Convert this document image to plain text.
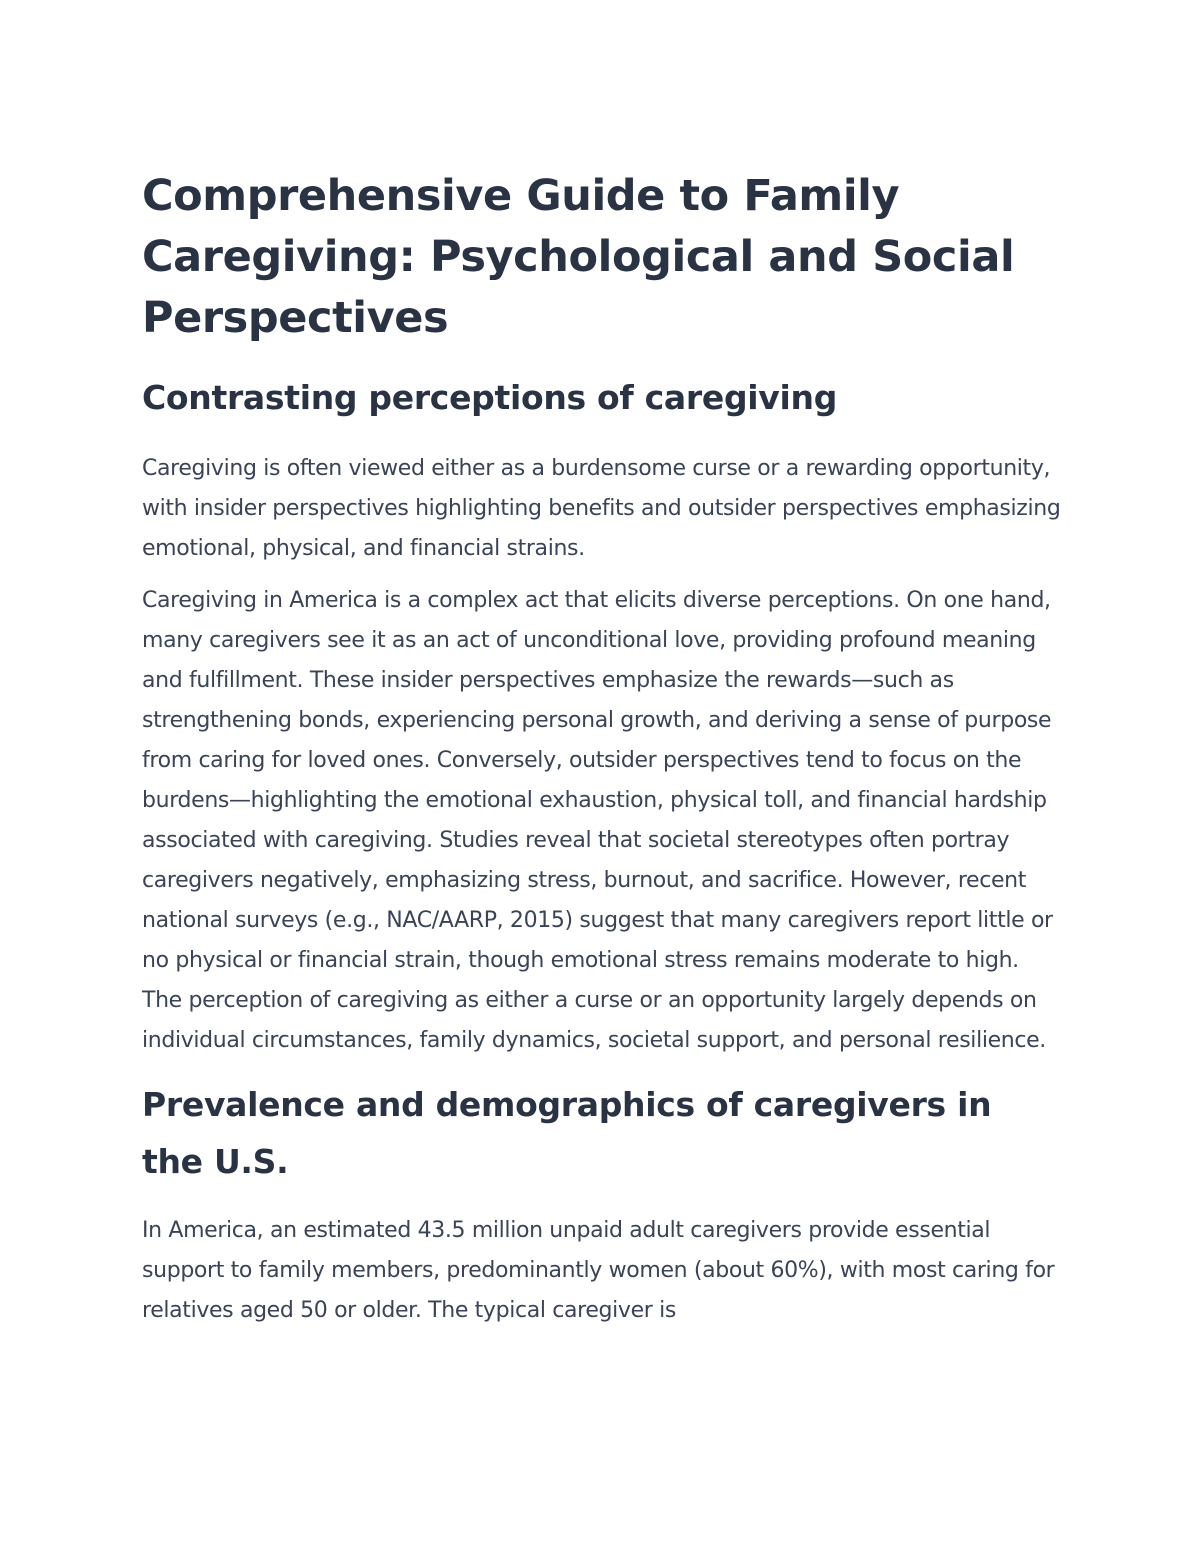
Comprehensive Guide to Family Caregiving: Psychological and Social Perspectives
Contrasting perceptions of caregiving

Caregiving is often viewed either as a burdensome curse or a rewarding opportunity, with insider perspectives highlighting benefits and outsider perspectives emphasizing emotional, physical, and financial strains.

Caregiving in America is a complex act that elicits diverse perceptions. On one hand, many caregivers see it as an act of unconditional love, providing profound meaning and fulfillment. These insider perspectives emphasize the rewards—such as strengthening bonds, experiencing personal growth, and deriving a sense of purpose from caring for loved ones. Conversely, outsider perspectives tend to focus on the burdens—highlighting the emotional exhaustion, physical toll, and financial hardship associated with caregiving. Studies reveal that societal stereotypes often portray caregivers negatively, emphasizing stress, burnout, and sacrifice. However, recent national surveys (e.g., NAC/AARP, 2015) suggest that many caregivers report little or no physical or financial strain, though emotional stress remains moderate to high. The perception of caregiving as either a curse or an opportunity largely depends on individual circumstances, family dynamics, societal support, and personal resilience.

Prevalence and demographics of caregivers in the U.S.

In America, an estimated 43.5 million unpaid adult caregivers provide essential support to family members, predominantly women (about 60%), with most caring for relatives aged 50 or older. The typical caregiver is
